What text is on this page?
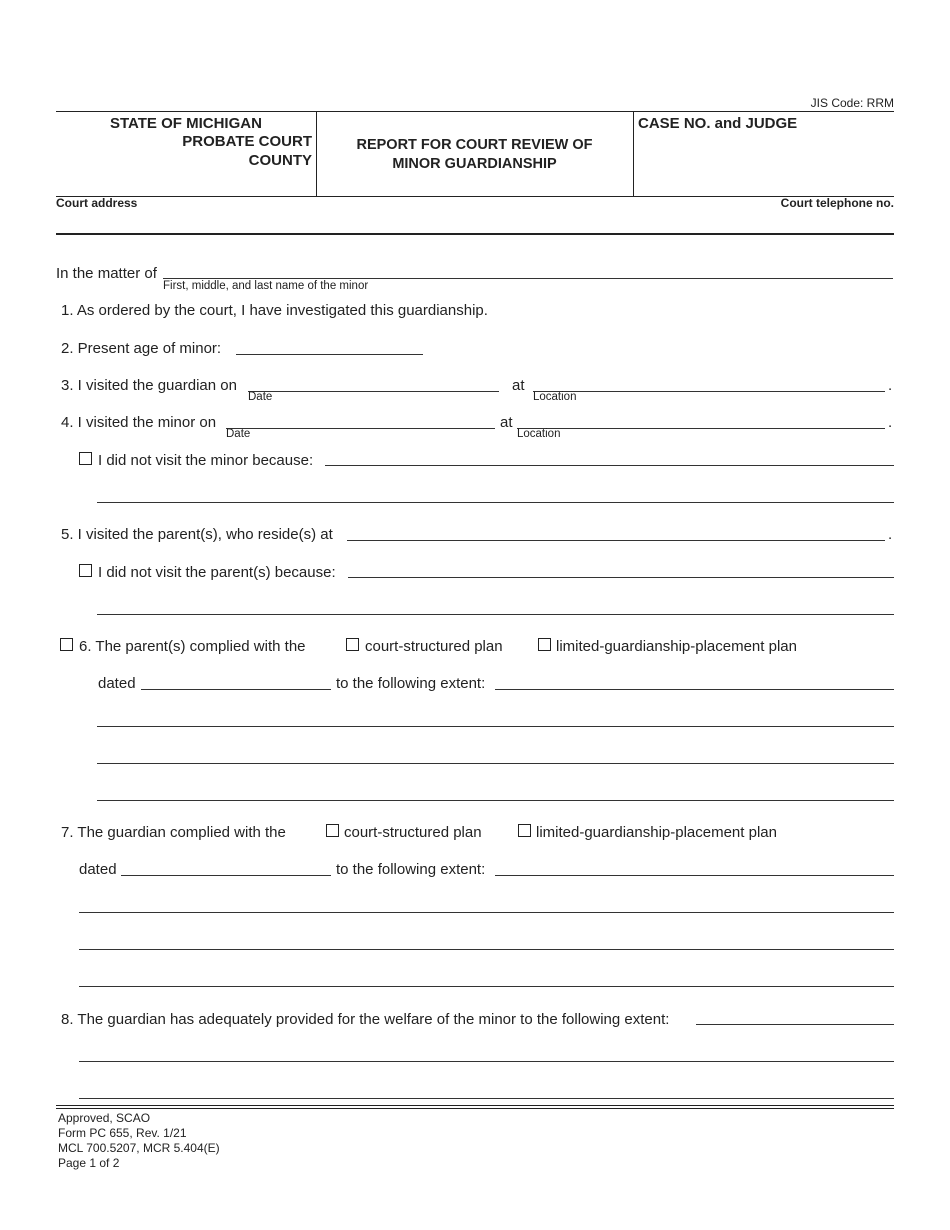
JIS Code: RRM
STATE OF MICHIGAN
PROBATE COURT
COUNTY
REPORT FOR COURT REVIEW OF
MINOR GUARDIANSHIP
CASE NO. and JUDGE
Court address	Court telephone no.
In the matter of
First, middle, and last name of the minor
1. As ordered by the court, I have investigated this guardianship.
2. Present age of minor:
3. I visited the guardian on
Date
at
Location
.
4. I visited the minor on
Date
at
Location
.
I did not visit the minor because:
5. I visited the parent(s), who reside(s) at	.
I did not visit the parent(s) because:
6. The parent(s) complied with the	court-structured plan	limited-guardianship-placement plan
dated	to the following extent:
7. The guardian complied with the	court-structured plan	limited-guardianship-placement plan
dated	to the following extent:
8. The guardian has adequately provided for the welfare of the minor to the following extent:
Approved, SCAO
Form PC 655, Rev. 1/21
MCL 700.5207, MCR 5.404(E)
Page 1 of 2
